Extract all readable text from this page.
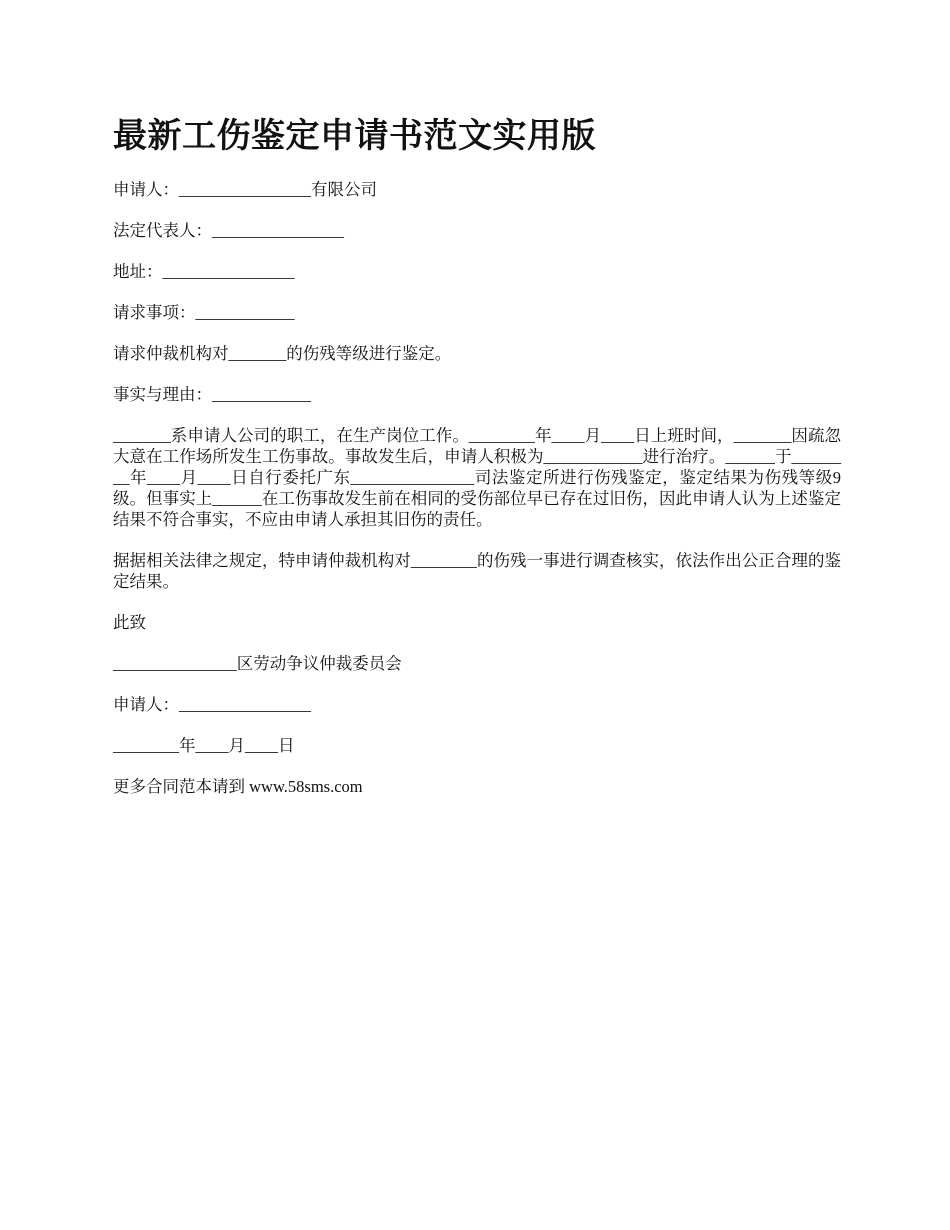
最新工伤鉴定申请书范文实用版

申请人：________________有限公司

法定代表人：________________

地址：________________

请求事项：____________

请求仲裁机构对_______的伤残等级进行鉴定。

事实与理由：____________

_______系申请人公司的职工，在生产岗位工作。________年____月____日上班时间，_______因疏忽大意在工作场所发生工伤事故。事故发生后，申请人积极为____________进行治疗。______于________年____月____日自行委托广东_______________司法鉴定所进行伤残鉴定，鉴定结果为伤残等级9级。但事实上______在工伤事故发生前在相同的受伤部位早已存在过旧伤，因此申请人认为上述鉴定结果不符合事实，不应由申请人承担其旧伤的责任。

据据相关法律之规定，特申请仲裁机构对________的伤残一事进行调查核实，依法作出公正合理的鉴定结果。

此致

_______________区劳动争议仲裁委员会

申请人：________________

________年____月____日

更多合同范本请到 www.58sms.com
